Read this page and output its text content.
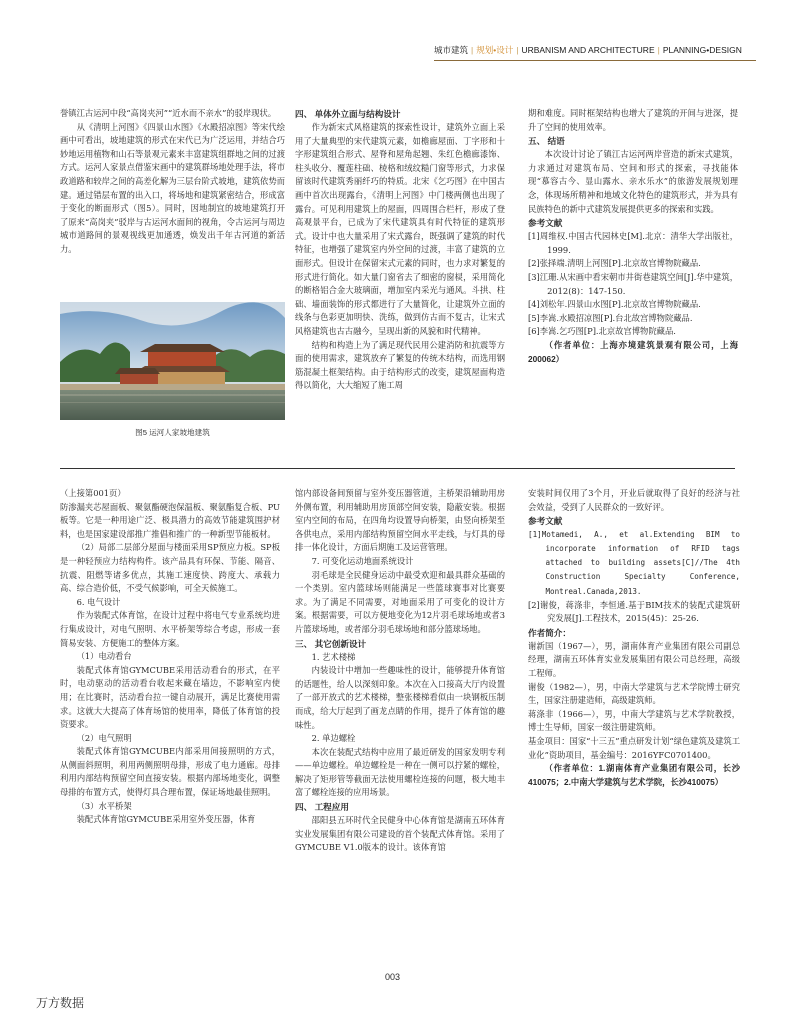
城市建筑 | 规划•设计 | URBANISM AND ARCHITECTURE | PLANNING•DESIGN

誉镇江古运河中段“高岗夹河”“近水而不亲水”的驳岸现状。

从《清明上河图》《四景山水图》《水殿招凉图》等宋代绘画中可看出，坡地建筑的形式在宋代已为广泛运用，并结合巧妙地运用植物和山石等景观元素来丰富建筑组群地之间的过渡方式。运河人家景点借鉴宋画中的建筑群场地处理手法，将市政道路和较岸之间的高差化解为三层台阶式坡地，建筑依势而建。通过错层布置的出入口，将场地和建筑紧密结合，形成富于变化的断面形式（图5）。同时，因地制宜的坡地建筑打开了原来“高岗夹”驳岸与古运河水面间的视角，令古运河与周边城市道路间的景观视线更加通透，焕发出千年古河道的新活力。

图5 运河人家坡地建筑
四、 单体外立面与结构设计

作为新宋式风格建筑的探索性设计，建筑外立面上采用了大量典型的宋代建筑元素，如檐廊屋面、丁字形和十字形建筑组合形式、屋脊和屋角起翘、朱红色檐廊漆饰、柱头收分、覆莲柱础、棱格和绒纹糙门窗等形式，力求保留该时代建筑秀丽纤巧的特质。北宋《乞巧图》在中国古画中首次出现露台，《清明上河图》中门楼两侧也出现了露台。可见利用建筑上的屋面，四周围合栏杆，形成了登高观景平台，已成为了宋代建筑具有时代特征的建筑形式。设计中也大量采用了宋式露台，既强调了建筑的时代特征，也增强了建筑室内外空间的过渡，丰富了建筑的立面形式。但设计在保留宋式元素的同时，也力求对繁复的形式进行简化。如大量门窗省去了细密的窗棂，采用简化的断格铝合金大玻璃面，增加室内采光与通风。斗拱、柱础、墙面装饰的形式都进行了大量简化，让建筑外立面的线条与色彩更加明快、洗练，做到仿古而不复古，让宋式风格建筑也古古融今，呈现出新的风貌和时代精神。

结构和构造上为了满足现代民用公建消防和抗震等方面的使用需求，建筑放弃了繁复的传统木结构，而选用钢筋混凝土框架结构。由于结构形式的改变，建筑屋面构造得以简化，大大缩短了施工周

期和难度。同时框架结构也增大了建筑的开间与进深，提升了空间的使用效率。

五、 结语

本次设计讨论了镇江古运河两岸营造的新宋式建筑，力求通过对建筑布局、空间和形式的探索，寻找能体现“慕容古今、显山露水、亲水乐水”的旅游发展规划理念，体现场所精神和地域文化特色的建筑形式，并为具有民族特色的新中式建筑发展提供更多的探索和实践。

参考文献

[1]周维权.中国古代园林史[M].北京：清华大学出版社，1999.

[2]张择端.清明上河图[P].北京故宫博物院藏品.

[3]江珊.从宋画中看宋朝市井街巷建筑空间[J].华中建筑，2012(8)：147-150.

[4]刘松年.四景山水图[P].北京故宫博物院藏品.

[5]李嵩.水殿招凉图[P].台北故宫博物院藏品.

[6]李嵩.乞巧图[P].北京故宫博物院藏品.

（作者单位：上海亦境建筑景观有限公司，上海200062）

（上接第001页）

防渗漏夹芯屋面板、聚氨酯硬泡保温板、聚氨酯复合板、PU板等。它是一种用途广泛、极具潜力的高效节能建筑围护材料，也是国家建设部推广推倡和推广的一种新型节能板材。

（2）局部二层部分屋面与楼面采用SP预应力板。SP板是一种轻预应力结构构件。该产品具有环保、节能、隔音、抗震、阻燃等诸多优点，其施工速度快、跨度大、承载力高、综合造价低，不受气候影响，可全天候施工。

6. 电气设计

作为装配式体育馆，在设计过程中将电气专业系统均进行集成设计，对电气照明、水平桥架等综合考虑，形成一套简易安装、方便施工的整体方案。

（1）电动看台

装配式体育馆GYMCUBE采用活动看台的形式，在平时，电动驱动的活动看台收起来藏在墙边，不影响室内使用；在比赛时，活动看台拉一键自动展开，满足比赛使用需求。这就大大提高了体育场馆的使用率，降低了体育馆的投资要求。

（2）电气照明

装配式体育馆GYMCUBE内部采用间接照明的方式，从侧面斜照明，利用两侧照明母排，形成了电力通廊。母排利用内部结构预留空间直接安装。根据内部场地变化，调整母排的布置方式，使得灯具合理布置，保证场地最佳照明。

（3）水平桥架

装配式体育馆GYMCUBE采用室外变压器，体育

馆内部设备间预留与室外变压器管道，主桥架沿辅助用房外侧布置，利用辅助用房顶部空间安装，隐蔽安装。根据室内空间的布局，在四角均设置导向桥架，由竖向桥架至各供电点，采用内部结构预留空间水平走线，与灯具的母排一体化设计，方面后期施工及运营管理。

7. 可变化运动地面系统设计

羽毛球是全民健身运动中最受欢迎和最具群众基础的一个类别。室内篮球场则能满足一些篮球赛事对比赛要求。为了满足不同需要，对地面采用了可变化的设计方案。根据需要，可以方便地变化为12片羽毛球场地或者3片篮球场地，或者部分羽毛球场地和部分篮球场地。

三、 其它创新设计

1. 艺术楼梯

内装设计中增加一些趣味性的设计，能够提升体育馆的话题性，给人以深刻印象。本次在入口接高大厅内设置了一部开放式的艺术楼梯，整张楼梯看似由一块钢板压制而成，给大厅起到了画龙点睛的作用，提升了体育馆的趣味性。

2. 单边螺栓

本次在装配式结构中应用了最近研发的国家发明专利——单边螺栓。单边螺栓是一种在一侧可以拧紧的螺栓，解决了矩形管等截面无法使用螺栓连接的问题，极大地丰富了螺栓连接的应用场景。

四、 工程应用

邵阳县五环时代全民健身中心体育馆是湖南五环体育实业发展集团有限公司建设的首个装配式体育馆。采用了GYMCUBE V1.0版本的设计。该体育馆

安装时间仅用了3个月，开业后就取得了良好的经济与社会效益，受到了人民群众的一致好评。

参考文献

[1]Motamedi, A., et al.Extending BIM to incorporate information of RFID tags attached to building assets[C]//The 4th Construction Specialty Conference, Montreal.Canada,2013.

[2]谢俊，蒋涤非，李恒通.基于BIM技术的装配式建筑研究发展[J].工程技术，2015(45)：25-26.

作者简介：

谢新国（1967—），男，湖南体育产业集团有限公司副总经理，湖南五环体育实业发展集团有限公司总经理，高级工程师。

谢俊（1982—），男，中南大学建筑与艺术学院博士研究生，国家注册建造师，高级建筑师。

蒋涤非（1966—），男，中南大学建筑与艺术学院教授，博士生导师，国家一级注册建筑师。

基金项目：国家“十三五”重点研发计划“绿色建筑及建筑工业化”资助项目，基金编号：2016YFC0701400。

（作者单位：1.湖南体育产业集团有限公司，长沙410075；2.中南大学建筑与艺术学院，长沙410075）

003
万方数据
